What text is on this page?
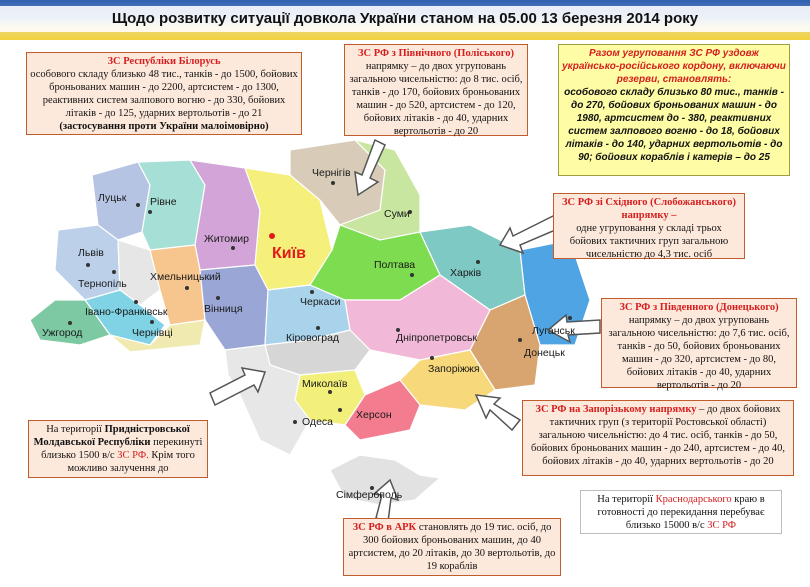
Щодо розвитку ситуації довкола України станом на 05.00 13 березня 2014 року
Київ
Луцьк Рівне
Львів
Тернопіль
Житомир
Хмельницький
Івано-Франківськ	Вінниця
Ужгород	Чернівці
Чернігів
Суми
Полтава
Харків
Черкаси
Кіровоград	Дніпропетровськ
Луганськ
Донецьк
Запоріжжя
Миколаїв
Херсон
Одеса
Сімферополь
ЗС Республіки Білорусь
особового складу близько 48 тис., танків - до 1500, бойових броньованих машин - до 2200, артсистем - до 1300, реактивних систем залпового вогню - до 330, бойових літаків - до 125, ударних вертольотів - до 21
(застосування проти України малоімовірно)
ЗС РФ з Північного (Поліського)
напрямку – до двох угруповань загальною чисельністю: до 8 тис. осіб, танків - до 170, бойових броньованих машин - до 520, артсистем - до 120, бойових літаків - до 40, ударних вертольотів - до 20
Разом угруповання ЗС РФ уздовж українсько-російського кордону, включаючи резерви, становлять:
особового складу близько 80 тис., танків - до 270, бойових броньованих машин - до 1980, артсистем до - 380, реактивних систем залпового вогню - до 18, бойових літаків - до 140, ударних вертольотів - до 90; бойових кораблів і катерів – до 25
ЗС РФ зі Східного (Слобожанського) напрямку –
одне угруповання у складі трьох бойових тактичних груп загальною чисельністю до 4,3 тис. осіб
ЗС РФ з Південного (Донецького)
напрямку – до двох угруповань загальною чисельністю: до 7,6 тис. осіб, танків - до 50, бойових броньованих машин - до 320, артсистем - до 80, бойових літаків - до 40, ударних вертольотів - до 20
ЗС РФ на Запорізькому напрямку – до двох бойових тактичних груп (з території Ростовської області) загальною чисельністю: до 4 тис. осіб, танків - до 50, бойових броньованих машин - до 240, артсистем - до 40, бойових літаків - до 40, ударних вертольотів - до 20
На території Придністровської Молдавської Республіки перекинуті близько 1500 в/с ЗС РФ. Крім того можливо залучення до
На території Краснодарського краю в готовності до перекидання перебуває близько 15000 в/с ЗС РФ
ЗС РФ в АРК становлять до 19 тис. осіб, до 300 бойових броньованих машин, до 40 артсистем, до 20 літаків, до 30 вертольотів, до 19 кораблів
